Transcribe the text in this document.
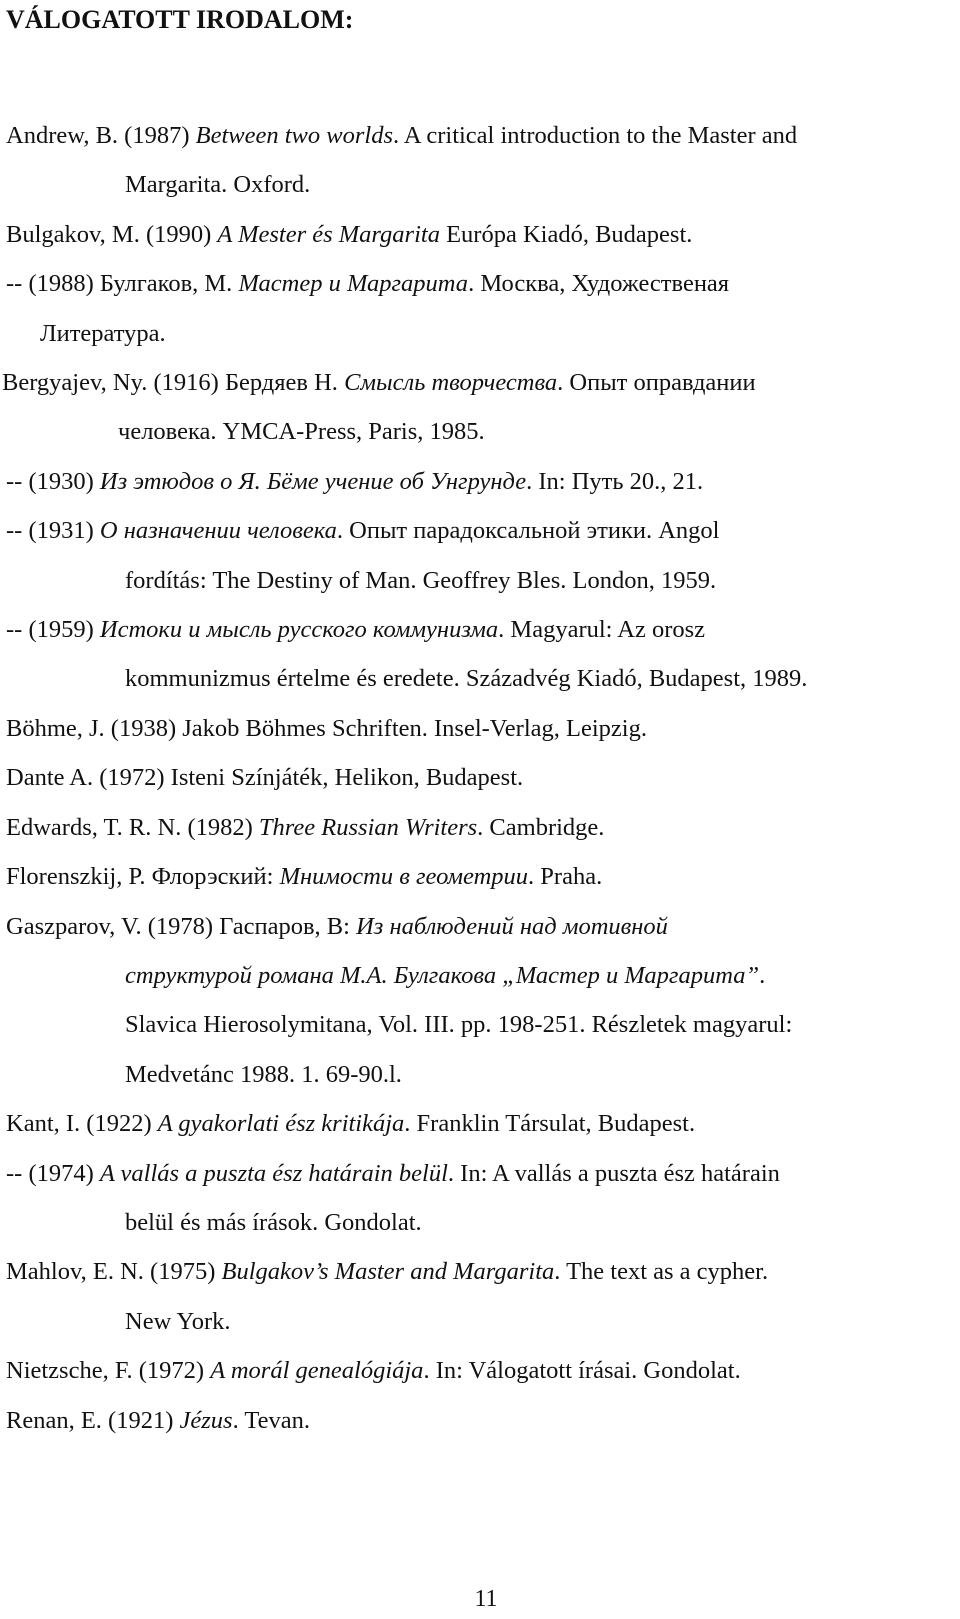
VÁLOGATOTT IRODALOM:
Andrew, B. (1987) Between two worlds. A critical introduction to the Master and
Margarita. Oxford.
Bulgakov, M. (1990) A Mester és Margarita Európa Kiadó, Budapest.
-- (1988) Булгаков, М. Мастер и Маргарита. Москва, Художественая
Литература.
Bergyajev, Ny. (1916) Бердяев Н. Смысль творчества. Опыт оправдании
человека. YMCA-Press, Paris, 1985.
-- (1930) Из этюдов о Я. Бёме учение об Унгрунде. In: Путь 20., 21.
-- (1931) О назначении человека. Опыт парадоксальной этики. Angol
fordítás: The Destiny of Man. Geoffrey Bles. London, 1959.
-- (1959) Истоки и мысль русского коммунизма. Magyarul: Az orosz
kommunizmus értelme és eredete. Századvég Kiadó, Budapest, 1989.
Böhme, J. (1938) Jakob Böhmes Schriften. Insel-Verlag, Leipzig.
Dante A. (1972) Isteni Színjáték, Helikon, Budapest.
Edwards, T. R. N. (1982) Three Russian Writers. Cambridge.
Florenszkij, P. Флорэский: Мнимости в геометрии. Praha.
Gaszparov, V. (1978) Гаспаров, В: Из наблюдений над мотивной
структурой романа М.А. Булгакова „Мастер и Маргарита”.
Slavica Hierosolymitana, Vol. III. pp. 198-251. Részletek magyarul:
Medvetánc 1988. 1. 69-90.l.
Kant, I. (1922) A gyakorlati ész kritikája. Franklin Társulat, Budapest.
-- (1974) A vallás a puszta ész határain belül. In: A vallás a puszta ész határain
belül és más írások. Gondolat.
Mahlov, E. N. (1975) Bulgakov’s Master and Margarita. The text as a cypher.
New York.
Nietzsche, F. (1972) A morál genealógiája. In: Válogatott írásai. Gondolat.
Renan, E. (1921) Jézus. Tevan.
11
